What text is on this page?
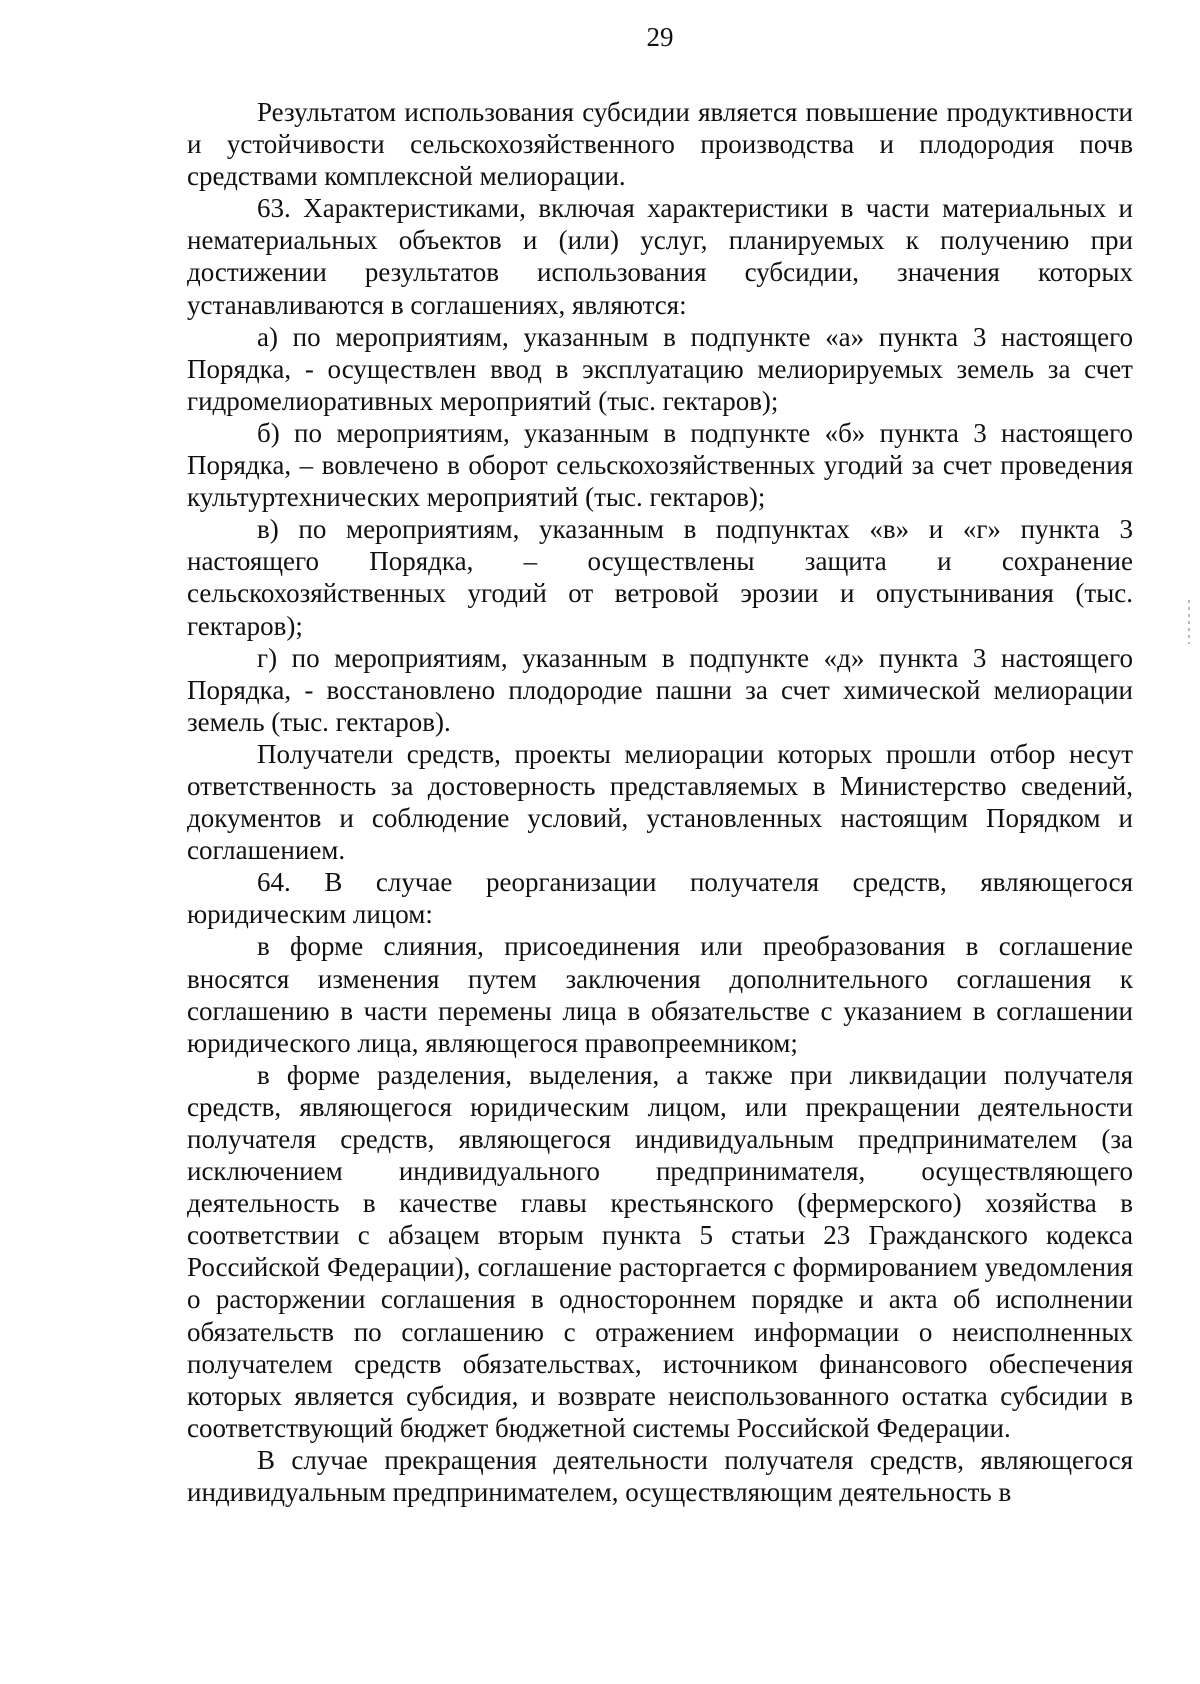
29

Результатом использования субсидии является повышение продуктивности и устойчивости сельскохозяйственного производства и плодородия почв средствами комплексной мелиорации.

63. Характеристиками, включая характеристики в части материальных и нематериальных объектов и (или) услуг, планируемых к получению при достижении результатов использования субсидии, значения которых устанавливаются в соглашениях, являются:

а) по мероприятиям, указанным в подпункте «а» пункта 3 настоящего Порядка, - осуществлен ввод в эксплуатацию мелиорируемых земель за счет гидромелиоративных мероприятий (тыс. гектаров);

б) по мероприятиям, указанным в подпункте «б» пункта 3 настоящего Порядка, – вовлечено в оборот сельскохозяйственных угодий за счет проведения культуртехнических мероприятий (тыс. гектаров);

в) по мероприятиям, указанным в подпунктах «в» и «г» пункта 3 настоящего Порядка, – осуществлены защита и сохранение сельскохозяйственных угодий от ветровой эрозии и опустынивания (тыс. гектаров);

г) по мероприятиям, указанным в подпункте «д» пункта 3 настоящего Порядка, - восстановлено плодородие пашни за счет химической мелиорации земель (тыс. гектаров).

Получатели средств, проекты мелиорации которых прошли отбор несут ответственность за достоверность представляемых в Министерство сведений, документов и соблюдение условий, установленных настоящим Порядком и соглашением.

64. В случае реорганизации получателя средств, являющегося юридическим лицом:

в форме слияния, присоединения или преобразования в соглашение вносятся изменения путем заключения дополнительного соглашения к соглашению в части перемены лица в обязательстве с указанием в соглашении юридического лица, являющегося правопреемником;

в форме разделения, выделения, а также при ликвидации получателя средств, являющегося юридическим лицом, или прекращении деятельности получателя средств, являющегося индивидуальным предпринимателем (за исключением индивидуального предпринимателя, осуществляющего деятельность в качестве главы крестьянского (фермерского) хозяйства в соответствии с абзацем вторым пункта 5 статьи 23 Гражданского кодекса Российской Федерации), соглашение расторгается с формированием уведомления о расторжении соглашения в одностороннем порядке и акта об исполнении обязательств по соглашению с отражением информации о неисполненных получателем средств обязательствах, источником финансового обеспечения которых является субсидия, и возврате неиспользованного остатка субсидии в соответствующий бюджет бюджетной системы Российской Федерации.

В случае прекращения деятельности получателя средств, являющегося индивидуальным предпринимателем, осуществляющим деятельность в
